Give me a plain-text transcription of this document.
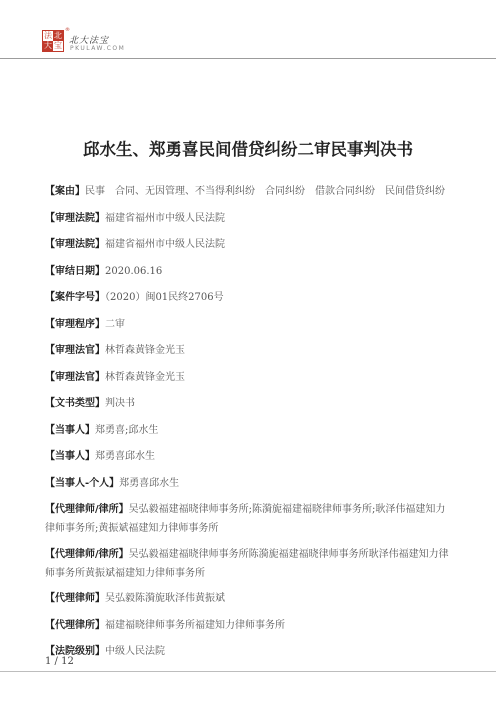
法 北
大 宝
®
北大法宝
PKULAW.COM
邱水生、郑勇喜民间借贷纠纷二审民事判决书
【案由】民事　合同、无因管理、不当得利纠纷　合同纠纷　借款合同纠纷　民间借贷纠纷
【审理法院】福建省福州市中级人民法院
【审理法院】福建省福州市中级人民法院
【审结日期】2020.06.16
【案件字号】（2020）闽01民终2706号
【审理程序】二审
【审理法官】林哲森黄锋金光玉
【审理法官】林哲森黄锋金光玉
【文书类型】判决书
【当事人】郑勇喜;邱水生
【当事人】郑勇喜邱水生
【当事人-个人】郑勇喜邱水生
【代理律师/律所】吴弘毅福建福晓律师事务所;陈漪旎福建福晓律师事务所;耿泽伟福建知力律师事务所;黄振斌福建知力律师事务所
【代理律师/律所】吴弘毅福建福晓律师事务所陈漪旎福建福晓律师事务所耿泽伟福建知力律师事务所黄振斌福建知力律师事务所
【代理律师】吴弘毅陈漪旎耿泽伟黄振斌
【代理律所】福建福晓律师事务所福建知力律师事务所
【法院级别】中级人民法院
1 / 12
